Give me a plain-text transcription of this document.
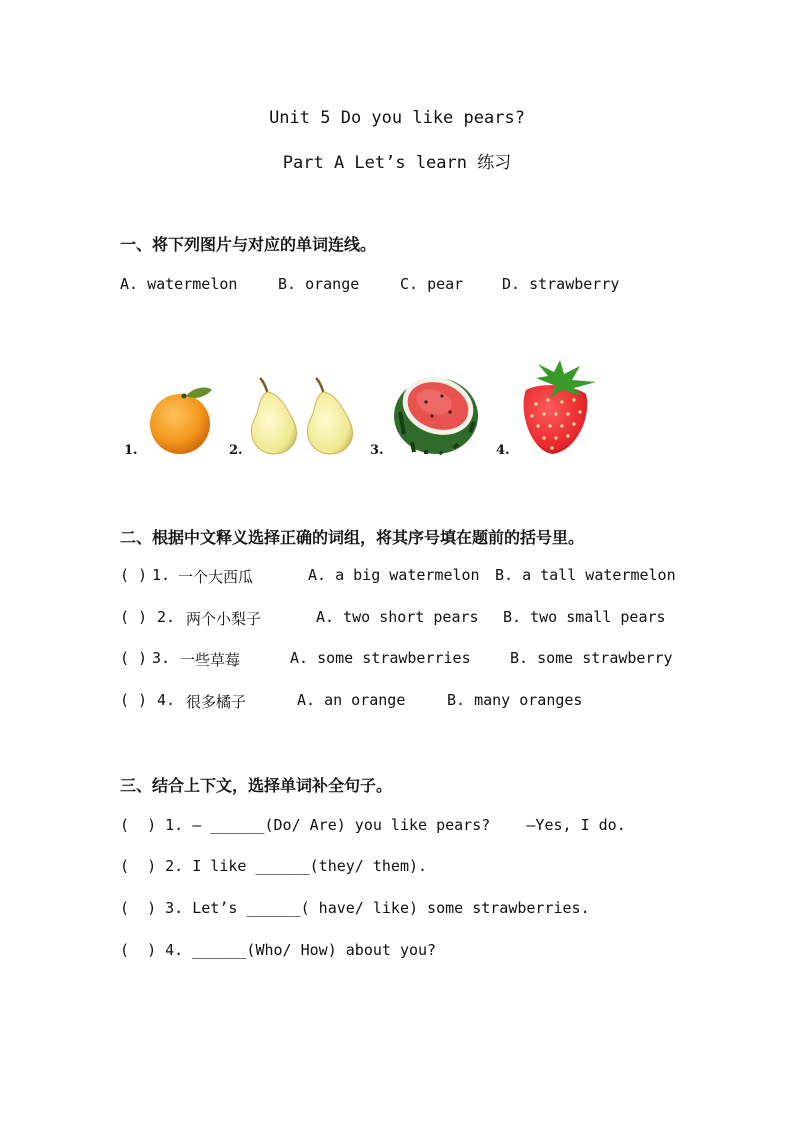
Unit 5 Do you like pears?
Part A Let’s learn 练习
一、将下列图片与对应的单词连线。
A. watermelon	B. orange	C. pear	D. strawberry
1.	2.	3.	4.
二、根据中文释义选择正确的词组，将其序号填在题前的括号里。
( ) 1. 一个大西瓜	A. a big watermelon B. a tall watermelon
( ) 2. 两个小梨子	A. two short pears B. two small pears
( ) 3. 一些草莓	A. some strawberries	B. some strawberry
( ) 4. 很多橘子	A. an orange	B. many oranges
三、结合上下文，选择单词补全句子。
(  ) 1. – ______(Do/ Are) you like pears?    –Yes, I do.
(  ) 2. I like ______(they/ them).
(  ) 3. Let’s ______( have/ like) some strawberries.
(  ) 4. ______(Who/ How) about you?
